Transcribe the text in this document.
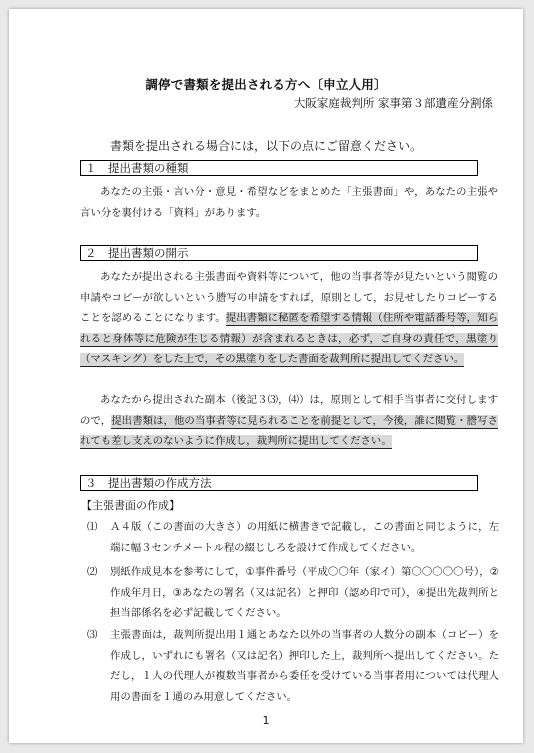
調停で書類を提出される方へ〔申立人用〕
大阪家庭裁判所 家事第３部遺産分割係
書類を提出される場合には，以下の点にご留意ください。
１　提出書類の種類
あなたの主張・言い分・意見・希望などをまとめた「主張書面」や，あなたの主張や言い分を裏付ける「資料」があります。
２　提出書類の開示
あなたが提出される主張書面や資料等について，他の当事者等が見たいという閲覧の申請やコピーが欲しいという謄写の申請をすれば，原則として，お見せしたりコピーすることを認めることになります。提出書類に秘匿を希望する情報（住所や電話番号等，知られると身体等に危険が生じる情報）が含まれるときは，必ず，ご自身の責任で，黒塗り（マスキング）をした上で，その黒塗りをした書面を裁判所に提出してください。
あなたから提出された副本（後記３⑶，⑷）は，原則として相手当事者に交付しますので，提出書類は，他の当事者等に見られることを前提として，今後，誰に閲覧・謄写されても差し支えのないように作成し，裁判所に提出してください。
３　提出書類の作成方法
【主張書面の作成】
⑴ Ａ４版（この書面の大きさ）の用紙に横書きで記載し，この書面と同じように，左端に幅３センチメートル程の綴じしろを設けて作成してください。
⑵ 別紙作成見本を参考にして，①事件番号（平成〇〇年（家イ）第〇〇〇〇〇号），②作成年月日，③あなたの署名（又は記名）と押印（認め印で可），④提出先裁判所と担当部係名を必ず記載してください。
⑶ 主張書面は，裁判所提出用１通とあなた以外の当事者の人数分の副本（コピー）を作成し，いずれにも署名（又は記名）押印した上，裁判所へ提出してください。ただし，１人の代理人が複数当事者から委任を受けている当事者用については代理人用の書面を１通のみ用意してください。
1
